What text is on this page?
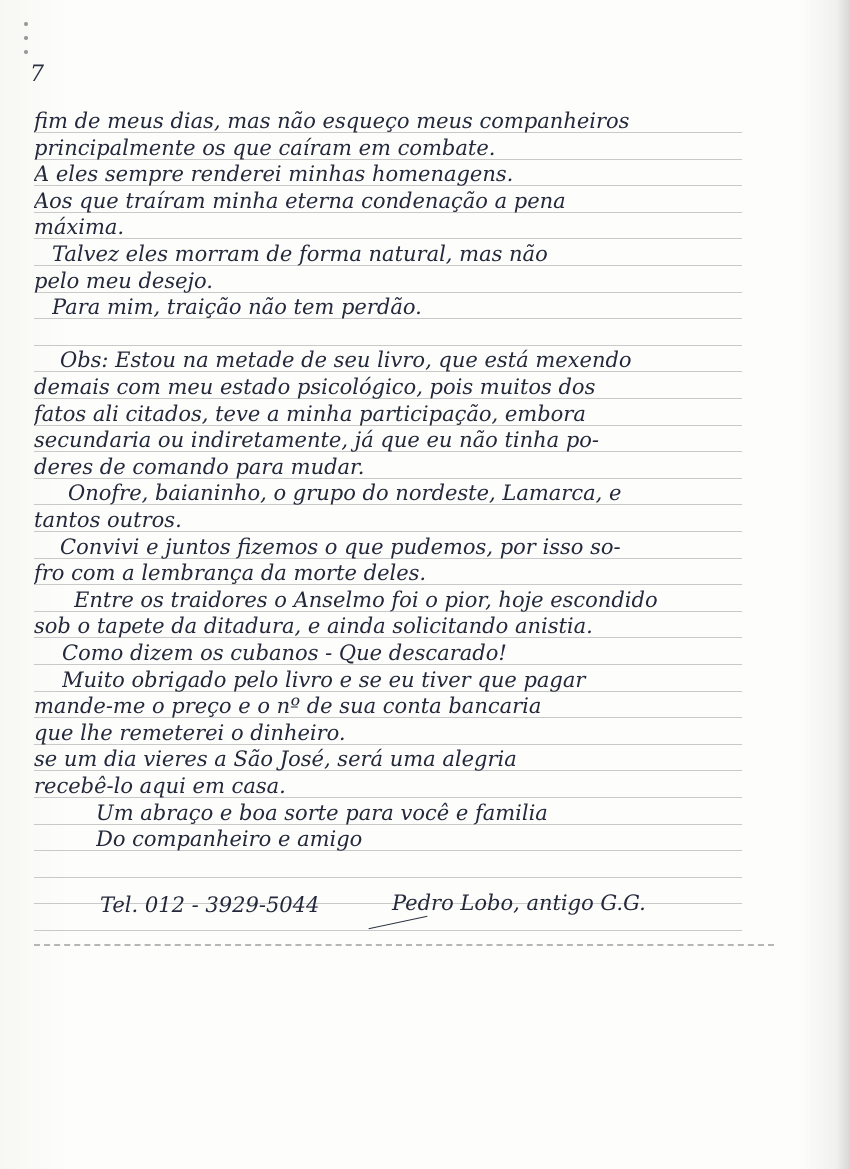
7
fim de meus dias, mas não esqueço meus companheiros
principalmente os que caíram em combate.
A eles sempre renderei minhas homenagens.
Aos que traíram minha eterna condenação a pena
máxima.
Talvez eles morram de forma natural, mas não
pelo meu desejo.
Para mim, traição não tem perdão.
Obs: Estou na metade de seu livro, que está mexendo
demais com meu estado psicológico, pois muitos dos
fatos ali citados, teve a minha participação, embora
secundaria ou indiretamente, já que eu não tinha po-
deres de comando para mudar.
Onofre, baianinho, o grupo do nordeste, Lamarca, e
tantos outros.
Convivi e juntos fizemos o que pudemos, por isso so-
fro com a lembrança da morte deles.
Entre os traidores o Anselmo foi o pior, hoje escondido
sob o tapete da ditadura, e ainda solicitando anistia.
Como dizem os cubanos - Que descarado!
Muito obrigado pelo livro e se eu tiver que pagar
mande-me o preço e o nº de sua conta bancaria
que lhe remeterei o dinheiro.
se um dia vieres a São José, será uma alegria
recebê-lo aqui em casa.
Um abraço e boa sorte para você e familia
Do companheiro e amigo
Tel. 012 - 3929-5044	Pedro Lobo, antigo G.G.
